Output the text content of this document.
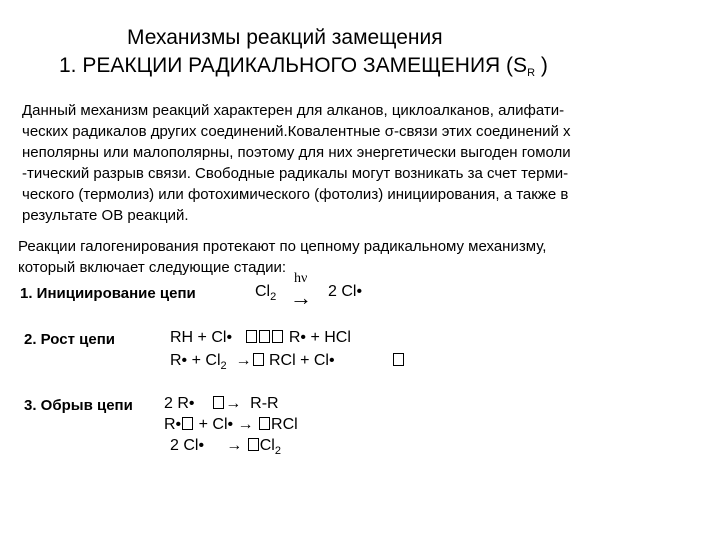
Механизмы реакций замещения
1. РЕАКЦИИ РАДИКАЛЬНОГО ЗАМЕЩЕНИЯ ($S_R$ )
Данный механизм реакций характерен для алканов, циклоалканов, алифати-
ческих радикалов других соединений.Ковалентные σ-связи этих соединений х
неполярны или малополярны, поэтому для них энергетически выгоден гомоли
-тический разрыв связи. Свободные радикалы могут возникать за счет терми-
ческого (термолиз) или фотохимического (фотолиз) инициирования, а также в
результате ОВ реакций.
Реакции галогенирования протекают по цепному радикальному механизму,
который включает следующие стадии:
1. Инициирование цепи	$Cl_2$
hν
→ 2 Cl•
2. Рост цепи	RH + Cl•	R• + HCl
R• + $Cl_2$ → RCl + Cl•
3. Обрыв цепи 2 R• → R-R
R• + Cl• → RCl
2 Cl• → $Cl_2$
